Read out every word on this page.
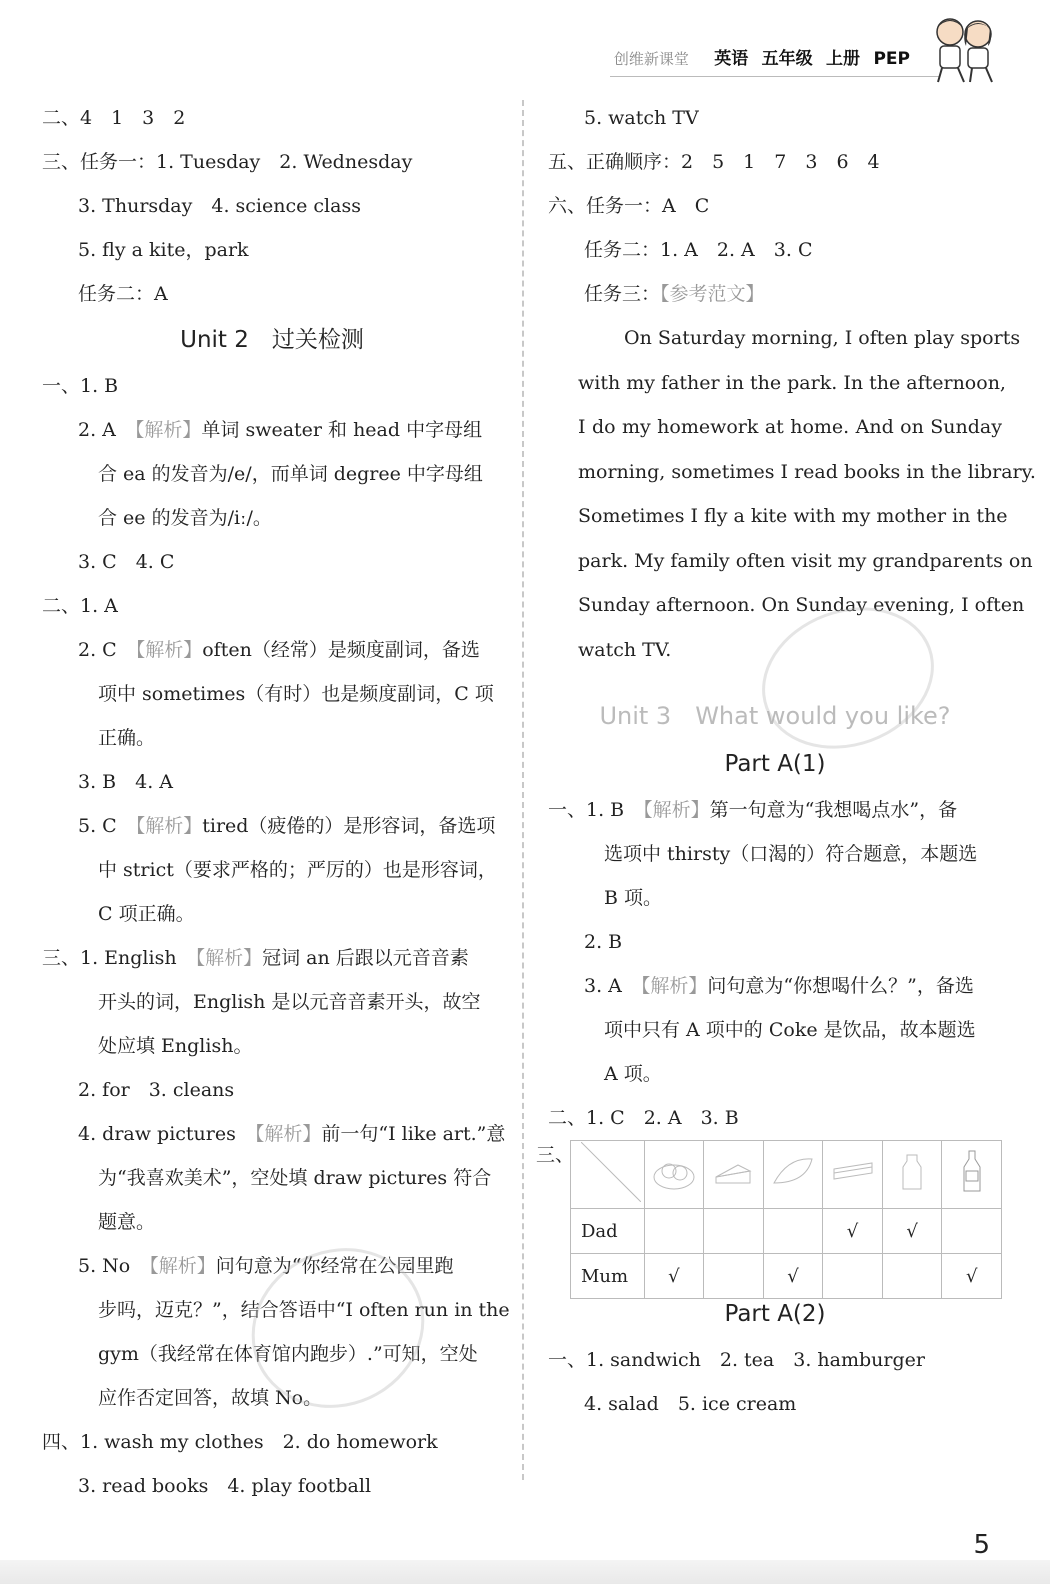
创维新课堂 英语 五年级 上册 PEP
二、4　1　3　2
三、任务一：1. Tuesday　2. Wednesday
3. Thursday　4. science class
5. fly a kite，park
任务二：A
Unit 2　过关检测
一、1. B
2. A　【解析】单词 sweater 和 head 中字母组
合 ea 的发音为/e/，而单词 degree 中字母组
合 ee 的发音为/iː/。
3. C　4. C
二、1. A
2. C　【解析】often（经常）是频度副词，备选
项中 sometimes（有时）也是频度副词，C 项
正确。
3. B　4. A
5. C　【解析】tired（疲倦的）是形容词，备选项
中 strict（要求严格的；严厉的）也是形容词，
C 项正确。
三、1. English　【解析】冠词 an 后跟以元音音素
开头的词，English 是以元音音素开头，故空
处应填 English。
2. for　3. cleans
4. draw pictures　【解析】前一句“I like art.”意
为“我喜欢美术”，空处填 draw pictures 符合
题意。
5. No　【解析】问句意为“你经常在公园里跑
步吗，迈克？”，结合答语中“I often run in the
gym（我经常在体育馆内跑步）.”可知，空处
应作否定回答，故填 No。
四、1. wash my clothes　2. do homework
3. read books　4. play football
5. watch TV
五、正确顺序：2　5　1　7　3　6　4
六、任务一：A　C
任务二：1. A　2. A　3. C
任务三：【参考范文】
On Saturday morning, I often play sports
with my father in the park. In the afternoon,
I do my homework at home. And on Sunday
morning, sometimes I read books in the library.
Sometimes I fly a kite with my mother in the
park. My family often visit my grandparents on
Sunday afternoon. On Sunday evening, I often
watch TV.
Unit 3　What would you like?
Part A(1)
一、1. B　【解析】第一句意为“我想喝点水”，备
选项中 thirsty（口渴的）符合题意，本题选
B 项。
2. B
3. A　【解析】问句意为“你想喝什么？”，备选
项中只有 A 项中的 Coke 是饮品，故本题选
A 项。
二、1. C　2. A　3. B
三、

Dad				√	√	
Mum	√		√			√
Part A(2)
一、1. sandwich　2. tea　3. hamburger
4. salad　5. ice cream
5
